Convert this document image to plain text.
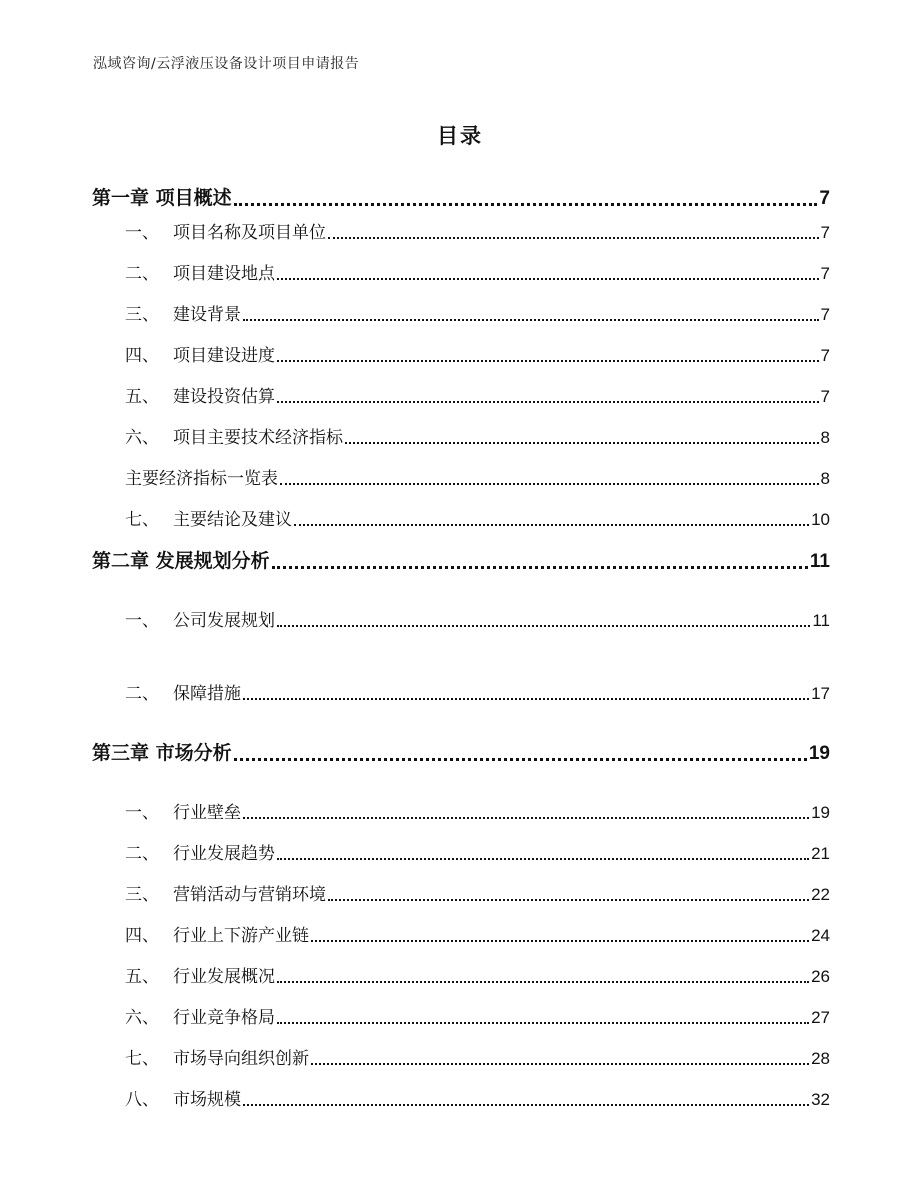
泓域咨询/云浮液压设备设计项目申请报告
目录
第一章 项目概述	7
一、 项目名称及项目单位	7
二、 项目建设地点	7
三、 建设背景	7
四、 项目建设进度	7
五、 建设投资估算	7
六、 项目主要技术经济指标	8
主要经济指标一览表	8
七、 主要结论及建议	10
第二章 发展规划分析	11
一、 公司发展规划	11
二、 保障措施	17
第三章 市场分析	19
一、 行业壁垒	19
二、 行业发展趋势	21
三、 营销活动与营销环境	22
四、 行业上下游产业链	24
五、 行业发展概况	26
六、 行业竞争格局	27
七、 市场导向组织创新	28
八、 市场规模	32
